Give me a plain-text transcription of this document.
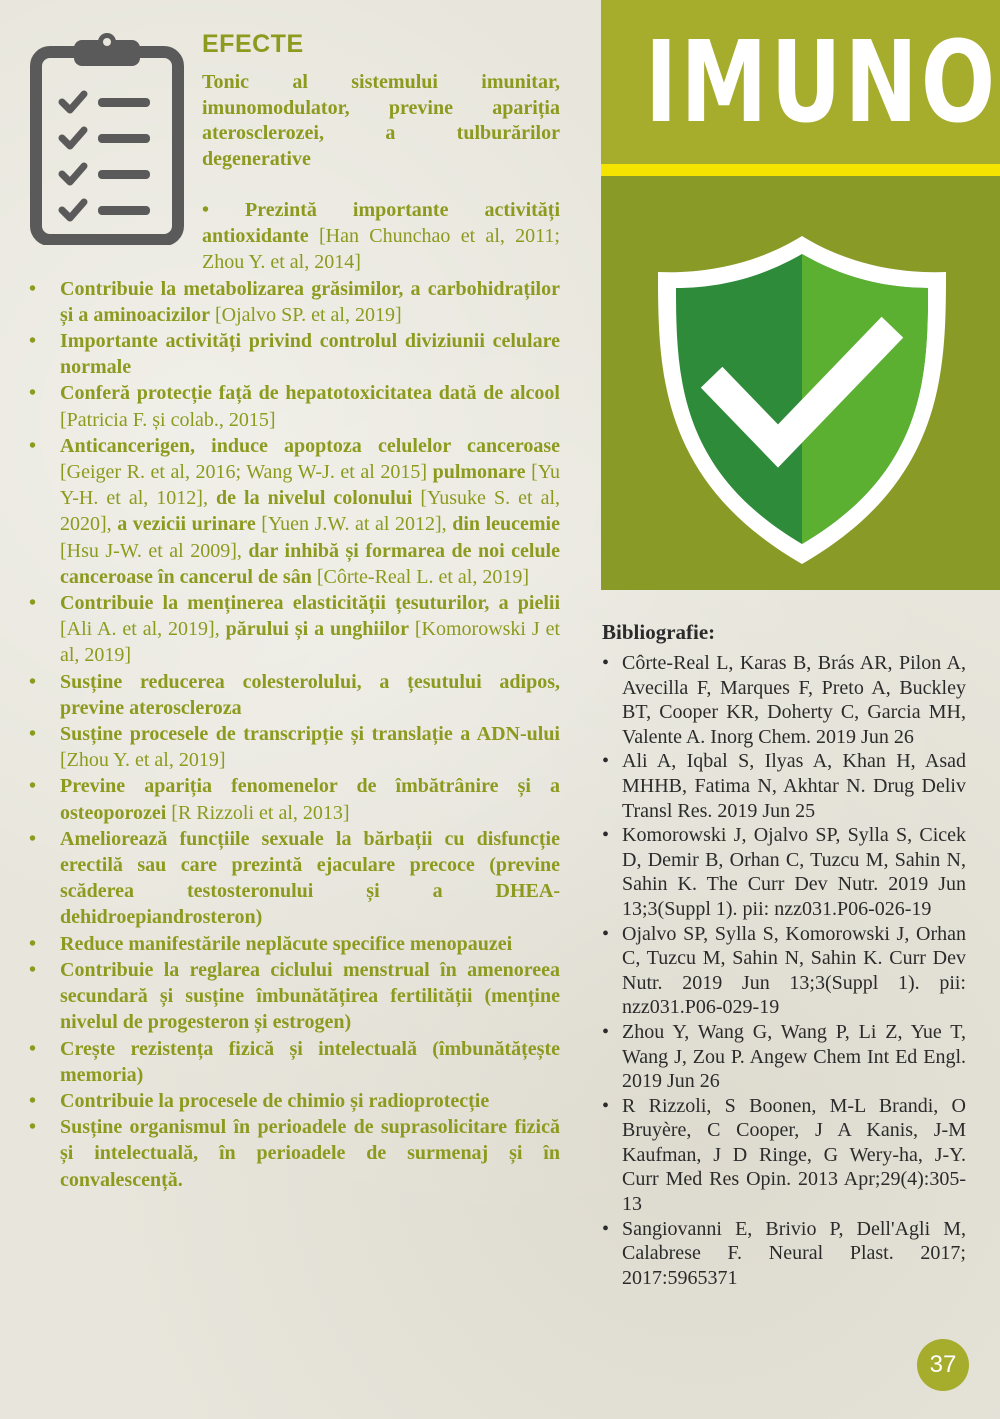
EFECTE

Tonic al sistemului imunitar, imunomodulator, previne apariția aterosclerozei, a tulburărilor degenerative

• Prezintă importante activități antioxidante [Han Chunchao et al, 2011; Zhou Y. et al, 2014]

• Contribuie la metabolizarea grăsimilor, a carbohidraților și a aminoacizilor [Ojalvo SP. et al, 2019]
• Importante activități privind controlul diviziunii celulare normale
• Conferă protecție față de hepatotoxicitatea dată de alcool [Patricia F. și colab., 2015]
• Anticancerigen, induce apoptoza celulelor canceroase [Geiger R. et al, 2016; Wang W-J. et al 2015] pulmonare [Yu Y-H. et al, 1012], de la nivelul colonului [Yusuke S. et al, 2020], a vezicii urinare [Yuen J.W. at al 2012], din leucemie [Hsu J-W. et al 2009], dar inhibă și formarea de noi celule canceroase în cancerul de sân [Côrte-Real L. et al, 2019]
• Contribuie la menținerea elasticității țesuturilor, a pielii [Ali A. et al, 2019], părului și a unghiilor [Komorowski J et al, 2019]
• Susține reducerea colesterolului, a țesutului adipos, previne ateroscleroza
• Susține procesele de transcripție și translație a ADN-ului [Zhou Y. et al, 2019]
• Previne apariția fenomenelor de îmbătrânire și a osteoporozei [R Rizzoli et al, 2013]
• Ameliorează funcțiile sexuale la bărbații cu disfuncție erectilă sau care prezintă ejaculare precoce (previne scăderea testosteronului și a DHEA-dehidroepiandrosteron)
• Reduce manifestările neplăcute specifice menopauzei
• Contribuie la reglarea ciclului menstrual în amenoreea secundară și susține îmbunătățirea fertilității (menține nivelul de progesteron și estrogen)
• Crește rezistența fizică și intelectuală (îmbunătățește memoria)
• Contribuie la procesele de chimio și radioprotecție
• Susține organismul în perioadele de suprasolicitare fizică și intelectuală, în perioadele de surmenaj și în convalescență.
IMUNO
Bibliografie:
• Côrte-Real L, Karas B, Brás AR, Pilon A, Avecilla F, Marques F, Preto A, Buckley BT, Cooper KR, Doherty C, Garcia MH, Valente A. Inorg Chem. 2019 Jun 26
• Ali A, Iqbal S, Ilyas A, Khan H, Asad MHHB, Fatima N, Akhtar N. Drug Deliv Transl Res. 2019 Jun 25
• Komorowski J, Ojalvo SP, Sylla S, Cicek D, Demir B, Orhan C, Tuzcu M, Sahin N, Sahin K. The Curr Dev Nutr. 2019 Jun 13;3(Suppl 1). pii: nzz031.P06-026-19
• Ojalvo SP, Sylla S, Komorowski J, Orhan C, Tuzcu M, Sahin N, Sahin K. Curr Dev Nutr. 2019 Jun 13;3(Suppl 1). pii: nzz031.P06-029-19
• Zhou Y, Wang G, Wang P, Li Z, Yue T, Wang J, Zou P. Angew Chem Int Ed Engl. 2019 Jun 26
• R Rizzoli, S Boonen, M-L Brandi, O Bruyère, C Cooper, J A Kanis, J-M Kaufman, J D Ringe, G Wery-ha, J-Y. Curr Med Res Opin. 2013 Apr;29(4):305-13
• Sangiovanni E, Brivio P, Dell'Agli M, Calabrese F. Neural Plast. 2017; 2017:5965371
37
